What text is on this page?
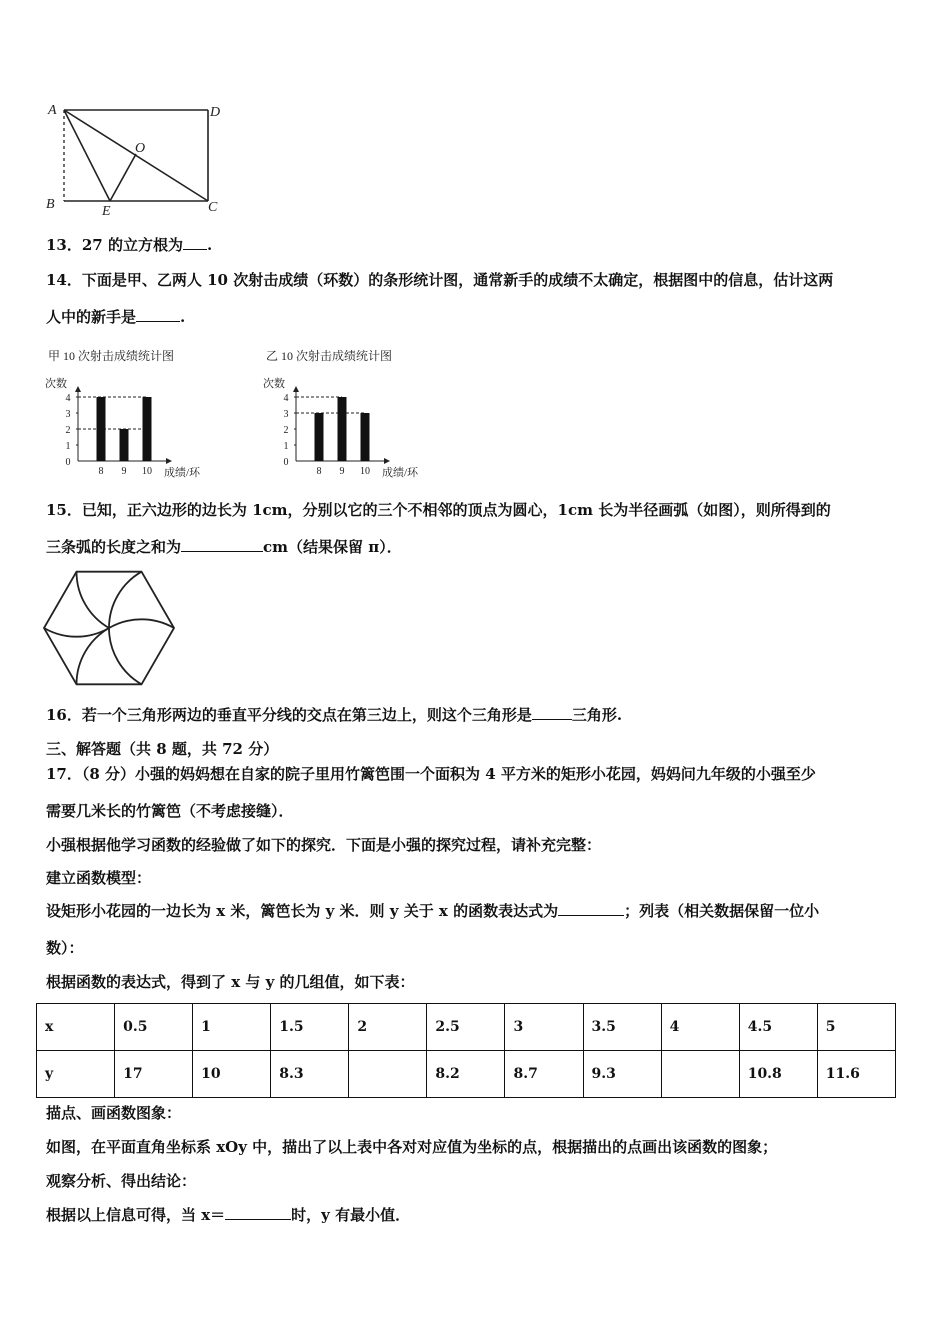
A	D
O
B	E	C
13．27 的立方根为 .
14．下面是甲、乙两人 10 次射击成绩（环数）的条形统计图，通常新手的成绩不太确定，根据图中的信息，估计这两
人中的新手是	.
甲 10 次射击成绩统计图
次数
0
1
2
3
4
8 9 10 成绩/环
乙 10 次射击成绩统计图
次数
0
1
2
3
4
8 9 10 成绩/环
15．已知，正六边形的边长为 1cm，分别以它的三个不相邻的顶点为圆心，1cm 长为半径画弧（如图），则所得到的
三条弧的长度之和为	cm（结果保留 π）．
16．若一个三角形两边的垂直平分线的交点在第三边上，则这个三角形是	三角形.
三、解答题（共 8 题，共 72 分）
17．（8 分）小强的妈妈想在自家的院子里用竹篱笆围一个面积为 4 平方米的矩形小花园，妈妈问九年级的小强至少
需要几米长的竹篱笆（不考虑接缝）．
小强根据他学习函数的经验做了如下的探究．下面是小强的探究过程，请补充完整：
建立函数模型：
设矩形小花园的一边长为 x 米，篱笆长为 y 米．则 y 关于 x 的函数表达式为	；列表（相关数据保留一位小
数）：
根据函数的表达式，得到了 x 与 y 的几组值，如下表：
x	0.5	1	1.5	2	2.5	3	3.5	4	4.5	5
y	17	10	8.3		8.2	8.7	9.3		10.8	11.6
描点、画函数图象：
如图，在平面直角坐标系 xOy 中，描出了以上表中各对对应值为坐标的点，根据描出的点画出该函数的图象；
观察分析、得出结论：
根据以上信息可得，当 x＝	时，y 有最小值．
